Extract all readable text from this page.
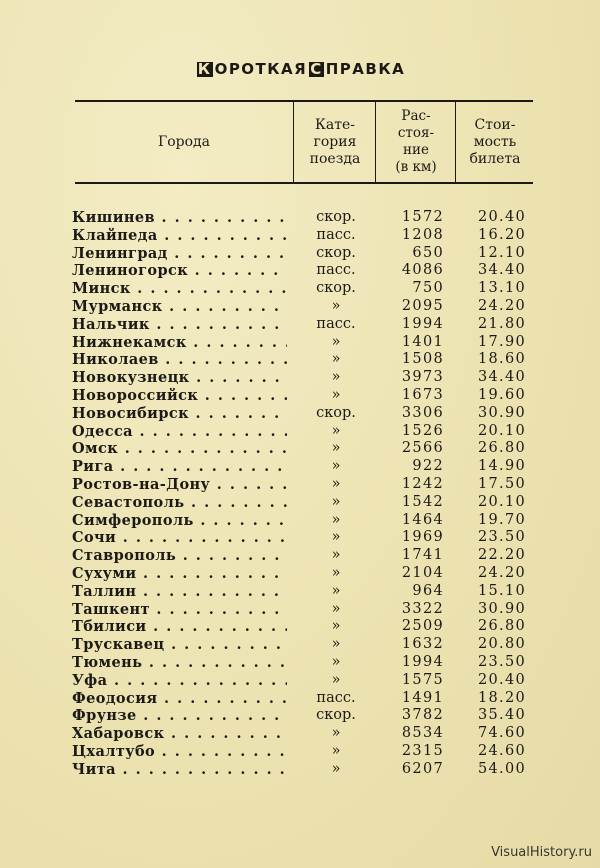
К ОРОТКАЯ С ПРАВКА
Города
Катe-
гория
поезда
Рас-
стоя-
ние
(в км)
Стои-
мость
билета
Кишинев . . .	скор.	1572	20.40
Клайпеда . . .	пасс.	1208	16.20
Ленинград . . .	скор.	650	12.10
Лениногорск . . .	пасс.	4086	34.40
Минск . . .	скор.	750	13.10
Мурманск . . .	»	2095	24.20
Нальчик . . .	пасс.	1994	21.80
Нижнекамск . . .	»	1401	17.90
Николаев . . .	»	1508	18.60
Новокузнецк . . .	»	3973	34.40
Новороссийск . . .	»	1673	19.60
Новосибирск . . .	скор.	3306	30.90
Одесса . . .	»	1526	20.10
Омск . . .	»	2566	26.80
Рига . . .	»	922	14.90
Ростов-на-Дону . . .	»	1242	17.50
Севастополь . . .	»	1542	20.10
Симферополь . . .	»	1464	19.70
Сочи . . .	»	1969	23.50
Ставрополь . . .	»	1741	22.20
Сухуми . . .	»	2104	24.20
Таллин . . .	»	964	15.10
Ташкент . . .	»	3322	30.90
Тбилиси . . .	»	2509	26.80
Трускавец . . .	»	1632	20.80
Тюмень . . .	»	1994	23.50
Уфа . . .	»	1575	20.40
Феодосия . . .	пасс.	1491	18.20
Фрунзе . . .	скор.	3782	35.40
Хабаровск . . .	»	8534	74.60
Цхалтубо . . .	»	2315	24.60
Чита . . .	»	6207	54.00
VisualHistory.ru
